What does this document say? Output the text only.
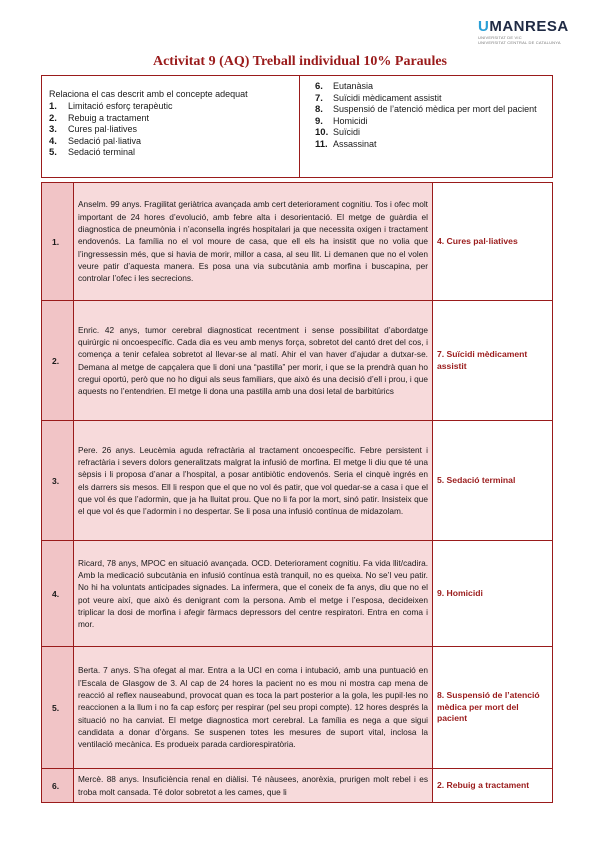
UMANRESA
UNIVERSITAT DE VIC
UNIVERSITAT CENTRAL DE CATALUNYA
Activitat 9 (AQ) Treball individual 10% Paraules
Relaciona el cas descrit amb el concepte adequat
1.	Limitació esforç terapèutic
2.	Rebuig a tractament
3.	Cures pal·liatives
4.	Sedació pal·liativa
5.	Sedació terminal
6.	Eutanàsia
7.	Suïcidi mèdicament assistit
8.	Suspensió de l’atenció mèdica per mort del pacient
9.	Homicidi
10. Suïcidi
11. Assassinat
1.	Anselm. 99 anys. Fragilitat geriàtrica avançada amb cert deteriorament cognitiu. Tos i ofec molt important de 24 hores d’evolució, amb febre alta i desorientació. El metge de guàrdia el diagnostica de pneumònia i n’aconsella ingrés hospitalari ja que necessita oxigen i tractament endovenós. La família no el vol moure de casa, que ell els ha insistit que no volia que l’ingressessin més, que si havia de morir, millor a casa, al seu llit. Li demanen que no el volen veure patir d’aquesta manera. Es posa una via subcutània amb morfina i buscapina, per controlar l’ofec i les secrecions.	4. Cures pal·liatives
2.	Enric. 42 anys, tumor cerebral diagnosticat recentment i sense possibilitat d’abordatge quirúrgic ni oncoespecífic. Cada dia es veu amb menys força, sobretot del cantó dret del cos, i comença a tenir cefalea sobretot al llevar-se al matí. Ahir el van haver d’ajudar a dutxar-se. Demana al metge de capçalera que li doni una “pastilla” per morir, i que se la prendrà quan ho cregui oportú, però que no ho digui als seus familiars, que això és una decisió d’ell i prou, i que aquests no l’entendrien. El metge li dona una pastilla amb una dosi letal de barbitúrics	7. Suïcidi mèdicament assistit
3.	Pere. 26 anys. Leucèmia aguda refractària al tractament oncoespecífic. Febre persistent i refractària i severs dolors generalitzats malgrat la infusió de morfina. El metge li diu que té una sèpsis i li proposa d’anar a l’hospital, a posar antibiòtic endovenós. Seria el cinquè ingrés en els darrers sis mesos. Ell li respon que el que no vol és patir, que vol quedar-se a casa i que el que vol és que l’adormin, que ja ha lluitat prou. Que no li fa por la mort, sinó patir. Insisteix que el que vol és que l’adormin i no despertar. Se li posa una infusió contínua de midazolam.	5. Sedació terminal
4.	Ricard, 78 anys, MPOC en situació avançada. OCD. Deteriorament cognitiu. Fa vida llit/cadira. Amb la medicació subcutània en infusió contínua està tranquil, no es queixa. No se’l veu patir. No hi ha voluntats anticipades signades. La infermera, que el coneix de fa anys, diu que no el pot veure així, que això és denigrant com la persona. Amb el metge i l’esposa, decideixen triplicar la dosi de morfina i afegir fàrmacs depressors del centre respiratori. Entra en coma i mor.	9. Homicidi
5.	Berta. 7 anys. S’ha ofegat al mar. Entra a la UCI en coma i intubació, amb una puntuació en l’Escala de Glasgow de 3. Al cap de 24 hores la pacient no es mou ni mostra cap mena de reacció al reflex nauseabund, provocat quan es toca la part posterior a la gola, les pupil·les no reaccionen a la llum i no fa cap esforç per respirar (pel seu propi compte). 12 hores després la situació no ha canviat. El metge diagnostica mort cerebral. La família es nega a que sigui candidata a donar d’òrgans. Se suspenen totes les mesures de suport vital, inclosa la ventilació mecànica. Es produeix parada cardiorespiratòria.	8. Suspensió de l’atenció mèdica per mort del pacient
6.	Mercè. 88 anys. Insuficiència renal en diàlisi. Té nàusees, anorèxia, prurigen molt rebel i es troba molt cansada. Té dolor sobretot a les cames, que li	2. Rebuig a tractament
